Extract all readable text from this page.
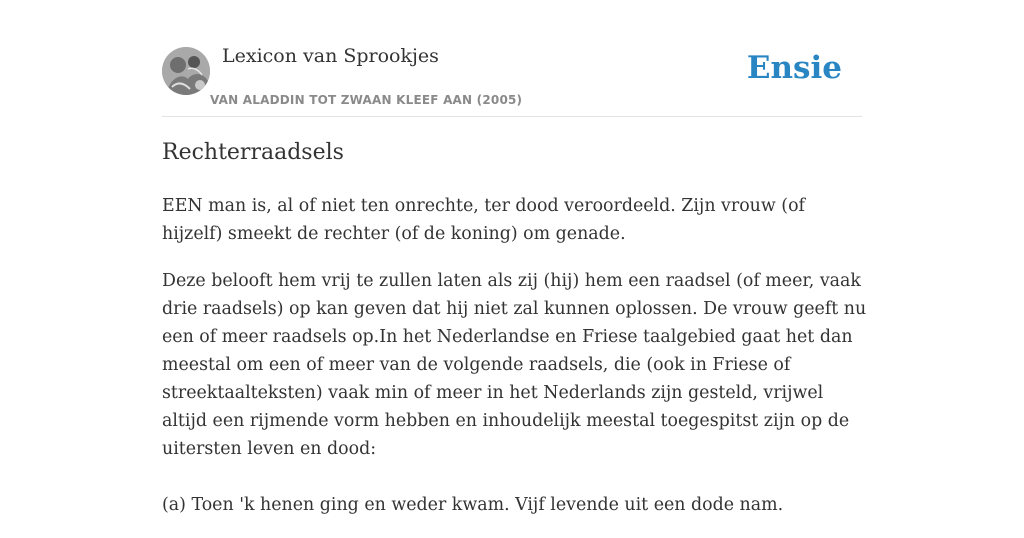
Lexicon van Sprookjes
VAN ALADDIN TOT ZWAAN KLEEF AAN (2005)
Ensie
Rechterraadsels

EEN man is, al of niet ten onrechte, ter dood veroordeeld. Zijn vrouw (of hijzelf) smeekt de rechter (of de koning) om genade.

Deze belooft hem vrij te zullen laten als zij (hij) hem een raadsel (of meer, vaak drie raadsels) op kan geven dat hij niet zal kunnen oplossen. De vrouw geeft nu een of meer raadsels op.In het Nederlandse en Friese taalgebied gaat het dan meestal om een of meer van de volgende raadsels, die (ook in Friese of streektaalteksten) vaak min of meer in het Nederlands zijn gesteld, vrijwel altijd een rijmende vorm hebben en inhoudelijk meestal toegespitst zijn op de uitersten leven en dood:

(a) Toen 'k henen ging en weder kwam. Vijf levende uit een dode nam.
